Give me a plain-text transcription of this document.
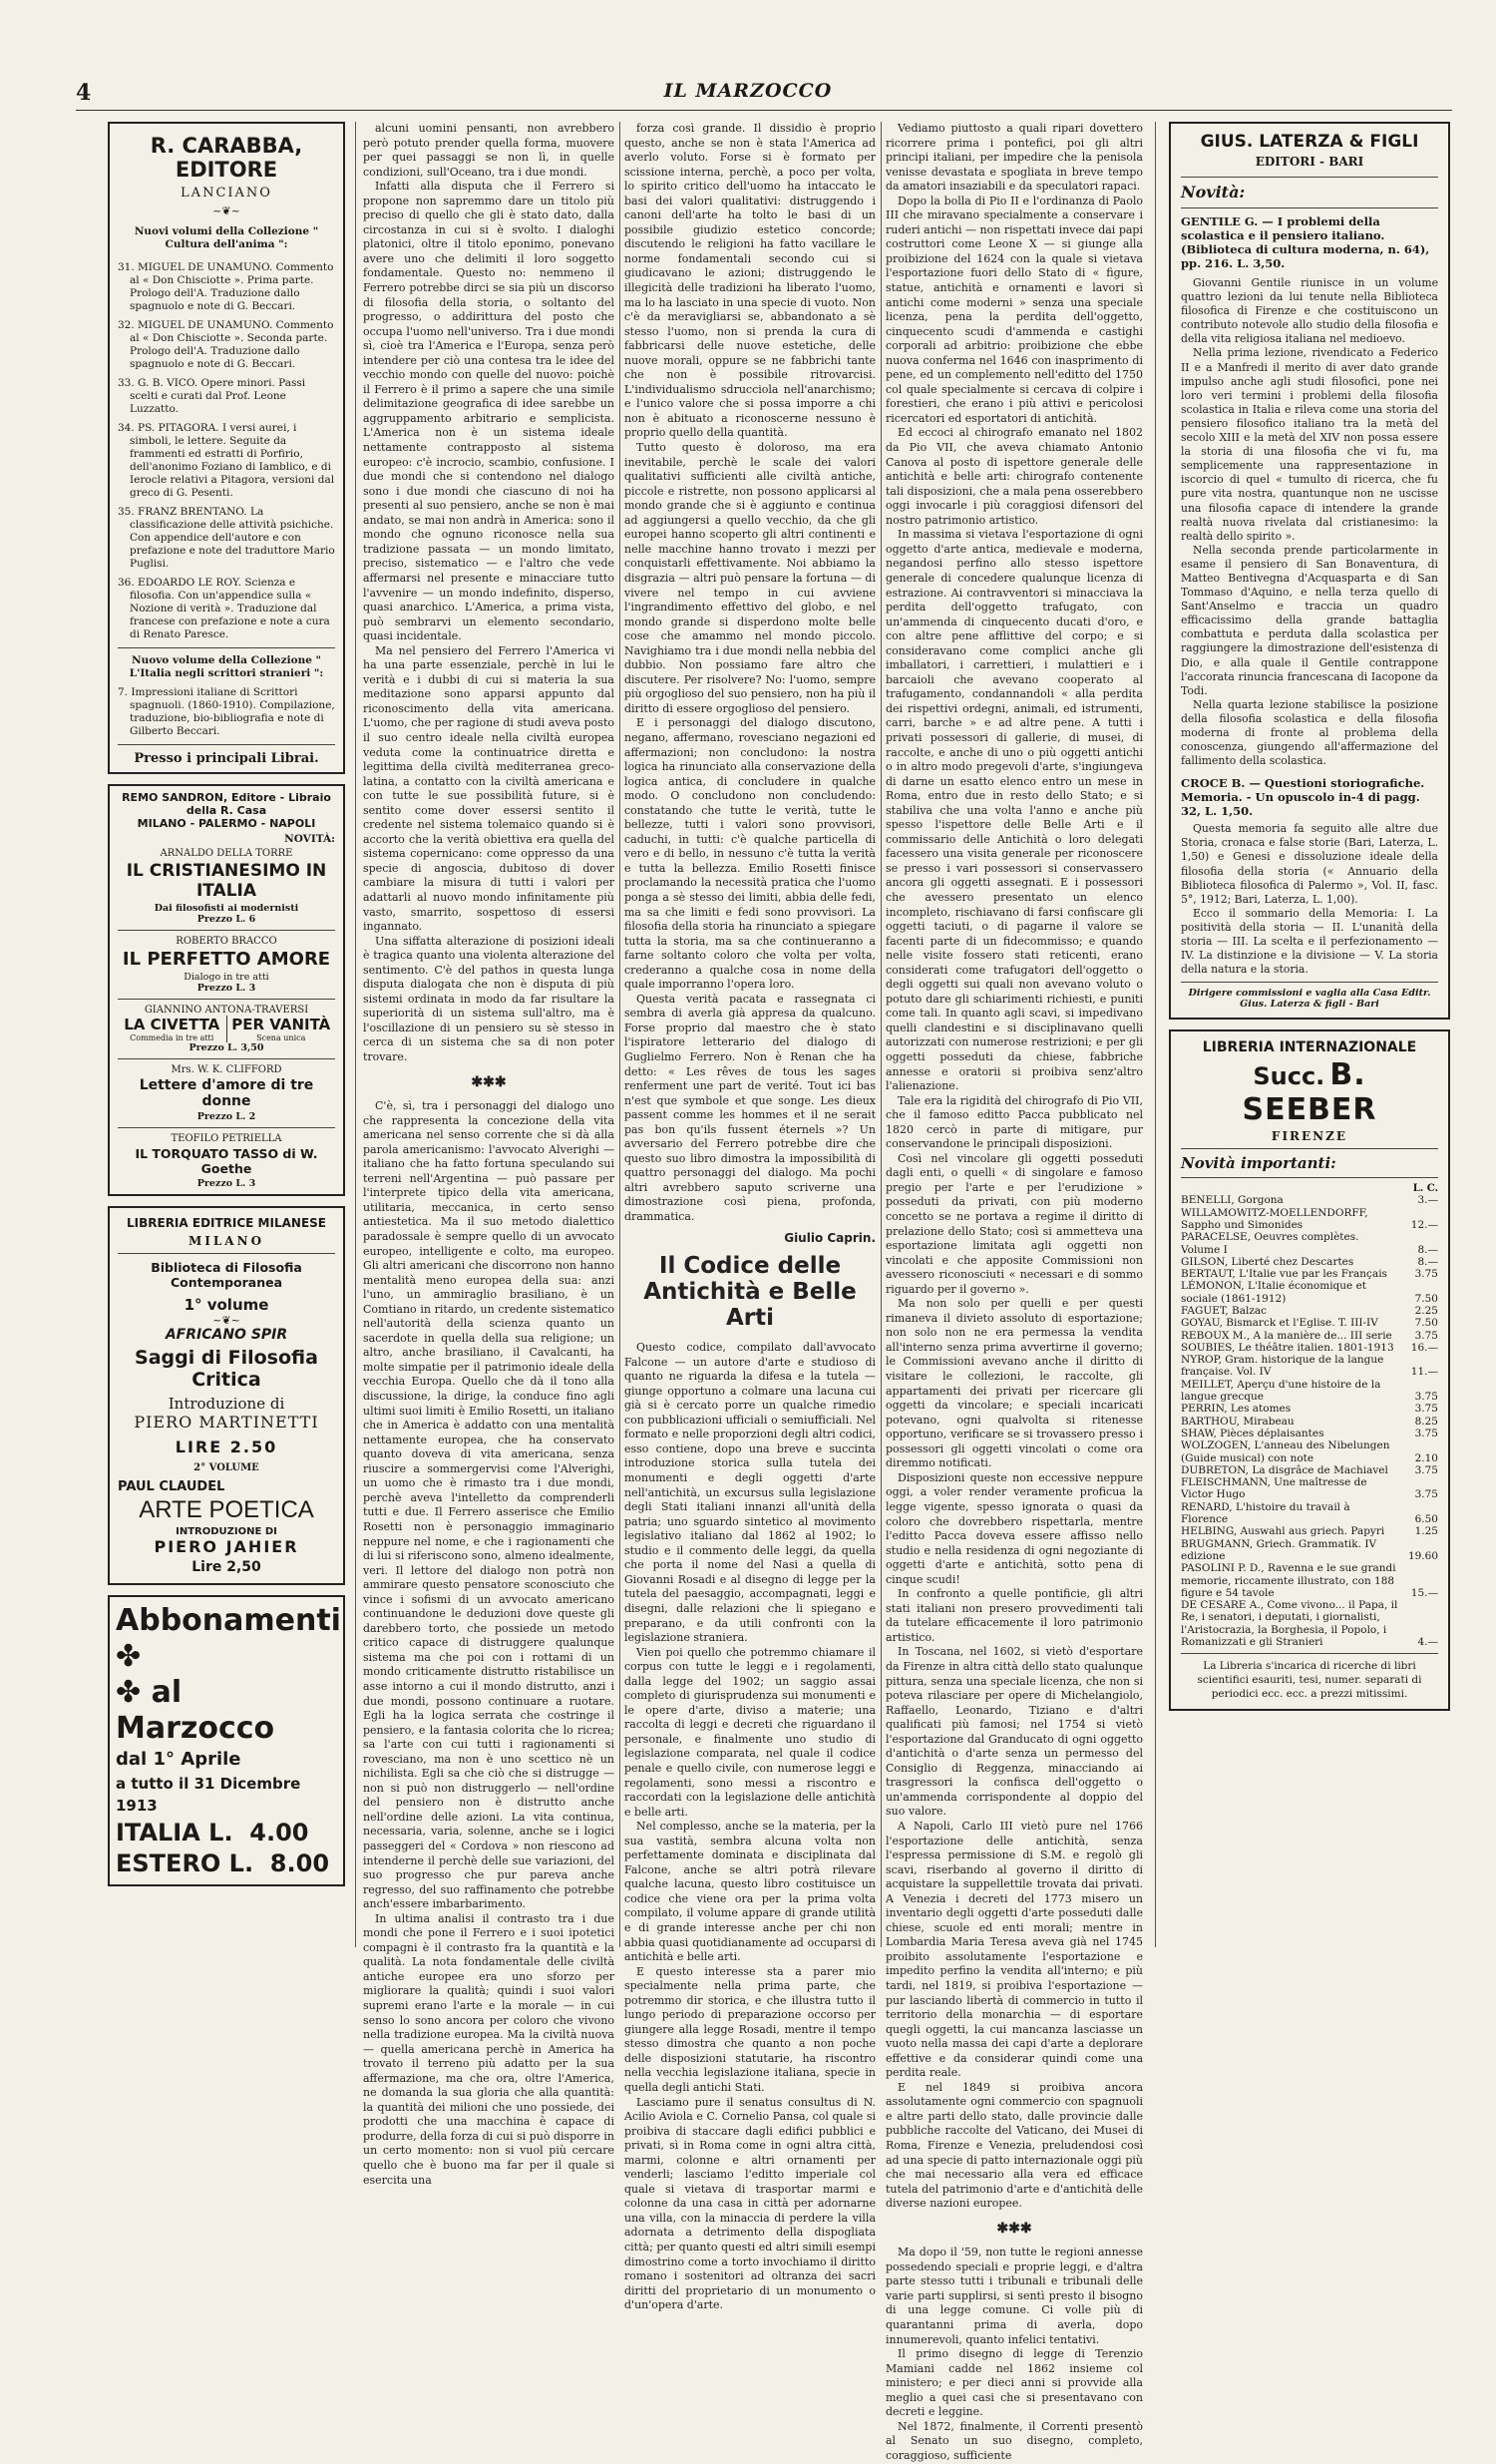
4	IL MARZOCCO
R. CARABBA, EDITORE
LANCIANO
~❦~
Nuovi volumi della Collezione " Cultura dell'anima ":

31. MIGUEL DE UNAMUNO. Commento al « Don Chisciotte ». Prima parte. Prologo dell'A. Traduzione dallo spagnuolo e note di G. Beccari.

32. MIGUEL DE UNAMUNO. Commento al « Don Chisciotte ». Seconda parte. Prologo dell'A. Traduzione dallo spagnuolo e note di G. Beccari.

33. G. B. VICO. Opere minori. Passi scelti e curati dal Prof. Leone Luzzatto.

34. PS. PITAGORA. I versi aurei, i simboli, le lettere. Seguite da frammenti ed estratti di Porfirio, dell'anonimo Foziano di Iamblico, e di Ierocle relativi a Pitagora, versioni dal greco di G. Pesenti.

35. FRANZ BRENTANO. La classificazione delle attività psichiche. Con appendice dell'autore e con prefazione e note del traduttore Mario Puglisi.

36. EDOARDO LE ROY. Scienza e filosofia. Con un'appendice sulla « Nozione di verità ». Traduzione dal francese con prefazione e note a cura di Renato Paresce.

Nuovo volume della Collezione " L'Italia negli scrittori stranieri ":

7. Impressioni italiane di Scrittori spagnuoli. (1860-1910). Compilazione, traduzione, bio-bibliografia e note di Gilberto Beccari.

Presso i principali Librai.
REMO SANDRON, Editore - Libraio della R. Casa
MILANO - PALERMO - NAPOLI
NOVITÀ:
ARNALDO DELLA TORRE
IL CRISTIANESIMO IN ITALIA
Dai filosofisti ai modernisti
Prezzo L. 6
ROBERTO BRACCO
IL PERFETTO AMORE
Dialogo in tre atti
Prezzo L. 3
GIANNINO ANTONA-TRAVERSI
LA CIVETTA
Commedia in tre atti
PER VANITÀ
Scena unica
Prezzo L. 3,50
Mrs. W. K. CLIFFORD
Lettere d'amore di tre donne
Prezzo L. 2
TEOFILO PETRIELLA
IL TORQUATO TASSO di W. Goethe
Prezzo L. 3
LIBRERIA EDITRICE MILANESE
MILANO
Biblioteca di Filosofia Contemporanea
1° volume
~❦~
AFRICANO SPIR
Saggi di Filosofia Critica
Introduzione di
PIERO MARTINETTI
LIRE 2.50
2° VOLUME
PAUL CLAUDEL
ARTE POETICA
INTRODUZIONE DI
PIERO JAHIER
Lire 2,50
Abbonamenti ✤
✤ al Marzocco
dal 1° Aprile
a tutto il 31 Dicembre 1913
ITALIA L.  4.00
ESTERO L.  8.00

alcuni uomini pensanti, non avrebbero però potuto prender quella forma, muovere per quei passaggi se non lì, in quelle condizioni, sull'Oceano, tra i due mondi.

Infatti alla disputa che il Ferrero si propone non sapremmo dare un titolo più preciso di quello che gli è stato dato, dalla circostanza in cui si è svolto. I dialoghi platonici, oltre il titolo eponimo, ponevano avere uno che delimiti il loro soggetto fondamentale. Questo no: nemmeno il Ferrero potrebbe dirci se sia più un discorso di filosofia della storia, o soltanto del progresso, o addirittura del posto che occupa l'uomo nell'universo. Tra i due mondi sì, cioè tra l'America e l'Europa, senza però intendere per ciò una contesa tra le idee del vecchio mondo con quelle del nuovo: poichè il Ferrero è il primo a sapere che una simile delimitazione geografica di idee sarebbe un aggruppamento arbitrario e semplicista. L'America non è un sistema ideale nettamente contrapposto al sistema europeo: c'è incrocio, scambio, confusione. I due mondi che si contendono nel dialogo sono i due mondi che ciascuno di noi ha presenti al suo pensiero, anche se non è mai andato, se mai non andrà in America: sono il mondo che ognuno riconosce nella sua tradizione passata — un mondo limitato, preciso, sistematico — e l'altro che vede affermarsi nel presente e minacciare tutto l'avvenire — un mondo indefinito, disperso, quasi anarchico. L'America, a prima vista, può sembrarvi un elemento secondario, quasi incidentale.

Ma nel pensiero del Ferrero l'America vi ha una parte essenziale, perchè in lui le verità e i dubbi di cui si materia la sua meditazione sono apparsi appunto dal riconoscimento della vita americana. L'uomo, che per ragione di studi aveva posto il suo centro ideale nella civiltà europea veduta come la continuatrice diretta e legittima della civiltà mediterranea greco-latina, a contatto con la civiltà americana e con tutte le sue possibilità future, si è sentito come dover essersi sentito il credente nel sistema tolemaico quando si è accorto che la verità obiettiva era quella del sistema copernicano: come oppresso da una specie di angoscia, dubitoso di dover cambiare la misura di tutti i valori per adattarli al nuovo mondo infinitamente più vasto, smarrito, sospettoso di essersi ingannato.

Una siffatta alterazione di posizioni ideali è tragica quanto una violenta alterazione del sentimento. C'è del pathos in questa lunga disputa dialogata che non è disputa di più sistemi ordinata in modo da far risultare la superiorità di un sistema sull'altro, ma è l'oscillazione di un pensiero su sè stesso in cerca di un sistema che sa di non poter trovare.

✱✱✱

C'è, sì, tra i personaggi del dialogo uno che rappresenta la concezione della vita americana nel senso corrente che si dà alla parola americanismo: l'avvocato Alverighi — italiano che ha fatto fortuna speculando sui terreni nell'Argentina — può passare per l'interprete tipico della vita americana, utilitaria, meccanica, in certo senso antiestetica. Ma il suo metodo dialettico paradossale è sempre quello di un avvocato europeo, intelligente e colto, ma europeo. Gli altri americani che discorrono non hanno mentalità meno europea della sua: anzi l'uno, un ammiraglio brasiliano, è un Comtiano in ritardo, un credente sistematico nell'autorità della scienza quanto un sacerdote in quella della sua religione; un altro, anche brasiliano, il Cavalcanti, ha molte simpatie per il patrimonio ideale della vecchia Europa. Quello che dà il tono alla discussione, la dirige, la conduce fino agli ultimi suoi limiti è Emilio Rosetti, un italiano che in America è addatto con una mentalità nettamente europea, che ha conservato quanto doveva di vita americana, senza riuscire a sommergervisi come l'Alverighi, un uomo che è rimasto tra i due mondi, perchè aveva l'intelletto da comprenderli tutti e due. Il Ferrero asserisce che Emilio Rosetti non è personaggio immaginario neppure nel nome, e che i ragionamenti che di lui si riferiscono sono, almeno idealmente, veri. Il lettore del dialogo non potrà non ammirare questo pensatore sconosciuto che vince i sofismi di un avvocato americano continuandone le deduzioni dove queste gli darebbero torto, che possiede un metodo critico capace di distruggere qualunque sistema ma che poi con i rottami di un mondo criticamente distrutto ristabilisce un asse intorno a cui il mondo distrutto, anzi i due mondi, possono continuare a ruotare. Egli ha la logica serrata che costringe il pensiero, e la fantasia colorita che lo ricrea; sa l'arte con cui tutti i ragionamenti si rovesciano, ma non è uno scettico nè un nichilista. Egli sa che ciò che si distrugge — non si può non distruggerlo — nell'ordine del pensiero non è distrutto anche nell'ordine delle azioni. La vita continua, necessaria, varia, solenne, anche se i logici passeggeri del « Cordova » non riescono ad intenderne il perchè delle sue variazioni, del suo progresso che pur pareva anche regresso, del suo raffinamento che potrebbe anch'essere imbarbarimento.

In ultima analisi il contrasto tra i due mondi che pone il Ferrero e i suoi ipotetici compagni è il contrasto fra la quantità e la qualità. La nota fondamentale delle civiltà antiche europee era uno sforzo per migliorare la qualità; quindi i suoi valori supremi erano l'arte e la morale — in cui senso lo sono ancora per coloro che vivono nella tradizione europea. Ma la civiltà nuova — quella americana perchè in America ha trovato il terreno più adatto per la sua affermazione, ma che ora, oltre l'America, ne domanda la sua gloria che alla quantità: la quantità dei milioni che uno possiede, dei prodotti che una macchina è capace di produrre, della forza di cui si può disporre in un certo momento: non si vuol più cercare quello che è buono ma far per il quale si esercita una

forza così grande. Il dissidio è proprio questo, anche se non è stata l'America ad averlo voluto. Forse si è formato per scissione interna, perchè, a poco per volta, lo spirito critico dell'uomo ha intaccato le basi dei valori qualitativi: distruggendo i canoni dell'arte ha tolto le basi di un possibile giudizio estetico concorde; discutendo le religioni ha fatto vacillare le norme fondamentali secondo cui si giudicavano le azioni; distruggendo le illegicità delle tradizioni ha liberato l'uomo, ma lo ha lasciato in una specie di vuoto. Non c'è da meravigliarsi se, abbandonato a sè stesso l'uomo, non si prenda la cura di fabbricarsi delle nuove estetiche, delle nuove morali, oppure se ne fabbrichi tante che non è possibile ritrovarcisi. L'individualismo sdrucciola nell'anarchismo; e l'unico valore che si possa imporre a chi non è abituato a riconoscerne nessuno è proprio quello della quantità.

Tutto questo è doloroso, ma era inevitabile, perchè le scale dei valori qualitativi sufficienti alle civiltà antiche, piccole e ristrette, non possono applicarsi al mondo grande che si è aggiunto e continua ad aggiungersi a quello vecchio, da che gli europei hanno scoperto gli altri continenti e nelle macchine hanno trovato i mezzi per conquistarli effettivamente. Noi abbiamo la disgrazia — altri può pensare la fortuna — di vivere nel tempo in cui avviene l'ingrandimento effettivo del globo, e nel mondo grande si disperdono molte belle cose che amammo nel mondo piccolo. Navighiamo tra i due mondi nella nebbia del dubbio. Non possiamo fare altro che discutere. Per risolvere? No: l'uomo, sempre più orgoglioso del suo pensiero, non ha più il diritto di essere orgoglioso del pensiero.

E i personaggi del dialogo discutono, negano, affermano, rovesciano negazioni ed affermazioni; non concludono: la nostra logica ha rinunciato alla conservazione della logica antica, di concludere in qualche modo. O concludono non concludendo: constatando che tutte le verità, tutte le bellezze, tutti i valori sono provvisori, caduchi, in tutti: c'è qualche particella di vero e di bello, in nessuno c'è tutta la verità e tutta la bellezza. Emilio Rosetti finisce proclamando la necessità pratica che l'uomo ponga a sè stesso dei limiti, abbia delle fedi, ma sa che limiti e fedi sono provvisori. La filosofia della storia ha rinunciato a spiegare tutta la storia, ma sa che continueranno a farne soltanto coloro che volta per volta, crederanno a qualche cosa in nome della quale imporranno l'opera loro.

Questa verità pacata e rassegnata ci sembra di averla già appresa da qualcuno. Forse proprio dal maestro che è stato l'ispiratore letterario del dialogo di Guglielmo Ferrero. Non è Renan che ha detto: « Les rêves de tous les sages renferment une part de verité. Tout ici bas n'est que symbole et que songe. Les dieux passent comme les hommes et il ne serait pas bon qu'ils fussent éternels »? Un avversario del Ferrero potrebbe dire che questo suo libro dimostra la impossibilità di quattro personaggi del dialogo. Ma pochi altri avrebbero saputo scriverne una dimostrazione così piena, profonda, drammatica.

Giulio Caprin.
Il Codice delle Antichità e Belle Arti

Questo codice, compilato dall'avvocato Falcone — un autore d'arte e studioso di quanto ne riguarda la difesa e la tutela — giunge opportuno a colmare una lacuna cui già si è cercato porre un qualche rimedio con pubblicazioni ufficiali o semiufficiali. Nel formato e nelle proporzioni degli altri codici, esso contiene, dopo una breve e succinta introduzione storica sulla tutela dei monumenti e degli oggetti d'arte nell'antichità, un excursus sulla legislazione degli Stati italiani innanzi all'unità della patria; uno sguardo sintetico al movimento legislativo italiano dal 1862 al 1902; lo studio e il commento delle leggi, da quella che porta il nome del Nasi a quella di Giovanni Rosadi e al disegno di legge per la tutela del paesaggio, accompagnati, leggi e disegni, dalle relazioni che li spiegano e preparano, e da utili confronti con la legislazione straniera.

Vien poi quello che potremmo chiamare il corpus con tutte le leggi e i regolamenti, dalla legge del 1902; un saggio assai completo di giurisprudenza sui monumenti e le opere d'arte, diviso a materie; una raccolta di leggi e decreti che riguardano il personale, e finalmente uno studio di legislazione comparata, nel quale il codice penale e quello civile, con numerose leggi e regolamenti, sono messi a riscontro e raccordati con la legislazione delle antichità e belle arti.

Nel complesso, anche se la materia, per la sua vastità, sembra alcuna volta non perfettamente dominata e disciplinata dal Falcone, anche se altri potrà rilevare qualche lacuna, questo libro costituisce un codice che viene ora per la prima volta compilato, il volume appare di grande utilità e di grande interesse anche per chi non abbia quasi quotidianamente ad occuparsi di antichità e belle arti.

E questo interesse sta a parer mio specialmente nella prima parte, che potremmo dir storica, e che illustra tutto il lungo periodo di preparazione occorso per giungere alla legge Rosadi, mentre il tempo stesso dimostra che quanto a non poche delle disposizioni statutarie, ha riscontro nella vecchia legislazione italiana, specie in quella degli antichi Stati.

Lasciamo pure il senatus consultus di N. Acilio Aviola e C. Cornelio Pansa, col quale si proibiva di staccare dagli edifici pubblici e privati, sì in Roma come in ogni altra città, marmi, colonne e altri ornamenti per venderli; lasciamo l'editto imperiale col quale si vietava di trasportar marmi e colonne da una casa in città per adornarne una villa, con la minaccia di perdere la villa adornata a detrimento della dispogliata città; per quanto questi ed altri simili esempi dimostrino come a torto invochiamo il diritto romano i sostenitori ad oltranza dei sacri diritti del proprietario di un monumento o d'un'opera d'arte.

Vediamo piuttosto a quali ripari dovettero ricorrere prima i pontefici, poi gli altri principi italiani, per impedire che la penisola venisse devastata e spogliata in breve tempo da amatori insaziabili e da speculatori rapaci.

Dopo la bolla di Pio II e l'ordinanza di Paolo III che miravano specialmente a conservare i ruderi antichi — non rispettati invece dai papi costruttori come Leone X — si giunge alla proibizione del 1624 con la quale si vietava l'esportazione fuori dello Stato di « figure, statue, antichità e ornamenti e lavori sì antichi come moderni » senza una speciale licenza, pena la perdita dell'oggetto, cinquecento scudi d'ammenda e castighi corporali ad arbitrio: proibizione che ebbe nuova conferma nel 1646 con inasprimento di pene, ed un complemento nell'editto del 1750 col quale specialmente si cercava di colpire i forestieri, che erano i più attivi e pericolosi ricercatori ed esportatori di antichità.

Ed eccoci al chirografo emanato nel 1802 da Pio VII, che aveva chiamato Antonio Canova al posto di ispettore generale delle antichità e belle arti: chirografo contenente tali disposizioni, che a mala pena osserebbero oggi invocarle i più coraggiosi difensori del nostro patrimonio artistico.

In massima si vietava l'esportazione di ogni oggetto d'arte antica, medievale e moderna, negandosi perfino allo stesso ispettore generale di concedere qualunque licenza di estrazione. Ai contravventori si minacciava la perdita dell'oggetto trafugato, con un'ammenda di cinquecento ducati d'oro, e con altre pene afflittive del corpo; e si consideravano come complici anche gli imballatori, i carrettieri, i mulattieri e i barcaioli che avevano cooperato al trafugamento, condannandoli « alla perdita dei rispettivi ordegni, animali, ed istrumenti, carri, barche » e ad altre pene. A tutti i privati possessori di gallerie, di musei, di raccolte, e anche di uno o più oggetti antichi o in altro modo pregevoli d'arte, s'ingiungeva di darne un esatto elenco entro un mese in Roma, entro due in resto dello Stato; e si stabiliva che una volta l'anno e anche più spesso l'ispettore delle Belle Arti e il commissario delle Antichità o loro delegati facessero una visita generale per riconoscere se presso i vari possessori si conservassero ancora gli oggetti assegnati. E i possessori che avessero presentato un elenco incompleto, rischiavano di farsi confiscare gli oggetti taciuti, o di pagarne il valore se facenti parte di un fidecommisso; e quando nelle visite fossero stati reticenti, erano considerati come trafugatori dell'oggetto o degli oggetti sui quali non avevano voluto o potuto dare gli schiarimenti richiesti, e puniti come tali. In quanto agli scavi, si impedivano quelli clandestini e si disciplinavano quelli autorizzati con numerose restrizioni; e per gli oggetti posseduti da chiese, fabbriche annesse e oratorii si proibiva senz'altro l'alienazione.

Tale era la rigidità del chirografo di Pio VII, che il famoso editto Pacca pubblicato nel 1820 cercò in parte di mitigare, pur conservandone le principali disposizioni.

Così nel vincolare gli oggetti posseduti dagli enti, o quelli « di singolare e famoso pregio per l'arte e per l'erudizione » posseduti da privati, con più moderno concetto se ne portava a regime il diritto di prelazione dello Stato; così si ammetteva una esportazione limitata agli oggetti non vincolati e che apposite Commissioni non avessero riconosciuti « necessari e di sommo riguardo per il governo ».

Ma non solo per quelli e per questi rimaneva il divieto assoluto di esportazione; non solo non ne era permessa la vendita all'interno senza prima avvertirne il governo; le Commissioni avevano anche il diritto di visitare le collezioni, le raccolte, gli appartamenti dei privati per ricercare gli oggetti da vincolare; e speciali incaricati potevano, ogni qualvolta si ritenesse opportuno, verificare se si trovassero presso i possessori gli oggetti vincolati o come ora diremmo notificati.

Disposizioni queste non eccessive neppure oggi, a voler render veramente proficua la legge vigente, spesso ignorata o quasi da coloro che dovrebbero rispettarla, mentre l'editto Pacca doveva essere affisso nello studio e nella residenza di ogni negoziante di oggetti d'arte e antichità, sotto pena di cinque scudi!

In confronto a quelle pontificie, gli altri stati italiani non presero provvedimenti tali da tutelare efficacemente il loro patrimonio artistico.

In Toscana, nel 1602, si vietò d'esportare da Firenze in altra città dello stato qualunque pittura, senza una speciale licenza, che non si poteva rilasciare per opere di Michelangiolo, Raffaello, Leonardo, Tiziano e d'altri qualificati più famosi; nel 1754 si vietò l'esportazione dal Granducato di ogni oggetto d'antichità o d'arte senza un permesso del Consiglio di Reggenza, minacciando ai trasgressori la confisca dell'oggetto o un'ammenda corrispondente al doppio del suo valore.

A Napoli, Carlo III vietò pure nel 1766 l'esportazione delle antichità, senza l'espressa permissione di S.M. e regolò gli scavi, riserbando al governo il diritto di acquistare la suppellettile trovata dai privati. A Venezia i decreti del 1773 misero un inventario degli oggetti d'arte posseduti dalle chiese, scuole ed enti morali; mentre in Lombardia Maria Teresa aveva già nel 1745 proibito assolutamente l'esportazione e impedito perfino la vendita all'interno; e più tardi, nel 1819, si proibiva l'esportazione — pur lasciando libertà di commercio in tutto il territorio della monarchia — di esportare quegli oggetti, la cui mancanza lasciasse un vuoto nella massa dei capi d'arte a deplorare effettive e da considerar quindi come una perdita reale.

E nel 1849 si proibiva ancora assolutamente ogni commercio con spagnuoli e altre parti dello stato, dalle provincie dalle pubbliche raccolte del Vaticano, dei Musei di Roma, Firenze e Venezia, preludendosi così ad una specie di patto internazionale oggi più che mai necessario alla vera ed efficace tutela del patrimonio d'arte e d'antichità delle diverse nazioni europee.

✱✱✱

Ma dopo il '59, non tutte le regioni annesse possedendo speciali e proprie leggi, e d'altra parte stesso tutti i tribunali e tribunali delle varie parti supplirsi, si sentì presto il bisogno di una legge comune. Ci volle più di quarantanni prima di averla, dopo innumerevoli, quanto infelici tentativi.

Il primo disegno di legge di Terenzio Mamiani cadde nel 1862 insieme col ministero; e per dieci anni si provvide alla meglio a quei casi che si presentavano con decreti e leggine.

Nel 1872, finalmente, il Correnti presentò al Senato un suo disegno, completo, coraggioso, sufficiente

GIUS. LATERZA & FIGLI
EDITORI - BARI
Novità:
GENTILE G. — I problemi della scolastica e il pensiero italiano. (Biblioteca di cultura moderna, n. 64), pp. 216. L. 3,50.

Giovanni Gentile riunisce in un volume quattro lezioni da lui tenute nella Biblioteca filosofica di Firenze e che costituiscono un contributo notevole allo studio della filosofia e della vita religiosa italiana nel medioevo.

Nella prima lezione, rivendicato a Federico II e a Manfredi il merito di aver dato grande impulso anche agli studi filosofici, pone nei loro veri termini i problemi della filosofia scolastica in Italia e rileva come una storia del pensiero filosofico italiano tra la metà del secolo XIII e la metà del XIV non possa essere la storia di una filosofia che vi fu, ma semplicemente una rappresentazione in iscorcio di quel « tumulto di ricerca, che fu pure vita nostra, quantunque non ne uscisse una filosofia capace di intendere la grande realtà nuova rivelata dal cristianesimo: la realtà dello spirito ».

Nella seconda prende particolarmente in esame il pensiero di San Bonaventura, di Matteo Bentivegna d'Acquasparta e di San Tommaso d'Aquino, e nella terza quello di Sant'Anselmo e traccia un quadro efficacissimo della grande battaglia combattuta e perduta dalla scolastica per raggiungere la dimostrazione dell'esistenza di Dio, e alla quale il Gentile contrappone l'accorata rinuncia francescana di Iacopone da Todi.

Nella quarta lezione stabilisce la posizione della filosofia scolastica e della filosofia moderna di fronte al problema della conoscenza, giungendo all'affermazione del fallimento della scolastica.

CROCE B. — Questioni storiografiche. Memoria. - Un opuscolo in-4 di pagg. 32, L. 1,50.

Questa memoria fa seguito alle altre due Storia, cronaca e false storie (Bari, Laterza, L. 1,50) e Genesi e dissoluzione ideale della filosofia della storia (« Annuario della Biblioteca filosofica di Palermo », Vol. II, fasc. 5°, 1912; Bari, Laterza, L. 1,00).

Ecco il sommario della Memoria: I. La positività della storia — II. L'unanità della storia — III. La scelta e il perfezionamento — IV. La distinzione e la divisione — V. La storia della natura e la storia.

Dirigere commissioni e vaglia alla Casa Editr. Gius. Laterza & figli - Bari
LIBRERIA INTERNAZIONALE
Succ. B. SEEBER
FIRENZE
Novità importanti:
L. C.
BENELLI, Gorgona	3.—
WILLAMOWITZ-MOELLENDORFF, Sappho und Simonides	12.—
PARACELSE, Oeuvres complètes. Volume I	8.—
GILSON, Liberté chez Descartes	8.—
BERTAUT, L'Italie vue par les Français	3.75
LÉMONON, L'Italie économique et sociale (1861-1912)	7.50
FAGUET, Balzac	2.25
GOYAU, Bismarck et l'Eglise. T. III-IV	7.50
REBOUX M., A la manière de... III serie	3.75
SOUBIES, Le théâtre italien. 1801-1913	16.—
NYROP, Gram. historique de la langue française. Vol. IV	11.—
MEILLET, Aperçu d'une histoire de la langue grecque	3.75
PERRIN, Les atomes	3.75
BARTHOU, Mirabeau	8.25
SHAW, Pièces déplaisantes	3.75
WOLZOGEN, L'anneau des Nibelungen (Guide musical) con note	2.10
DUBRETON, La disgrâce de Machiavel	3.75
FLEISCHMANN, Une maîtresse de Victor Hugo	3.75
RENARD, L'histoire du travail à Florence	6.50
HELBING, Auswahl aus griech. Papyri	1.25
BRUGMANN, Griech. Grammatik. IV edizione	19.60
PASOLINI P. D., Ravenna e le sue grandi memorie, riccamente illustrato, con 188 figure e 54 tavole	15.—
DE CESARE A., Come vivono... il Papa, il Re, i senatori, i deputati, i giornalisti, l'Aristocrazia, la Borghesia, il Popolo, i Romanizzati e gli Stranieri	4.—
La Libreria s'incarica di ricerche di libri scientifici esauriti, tesi, numer. separati di periodici ecc. ecc. a prezzi mitissimi.
